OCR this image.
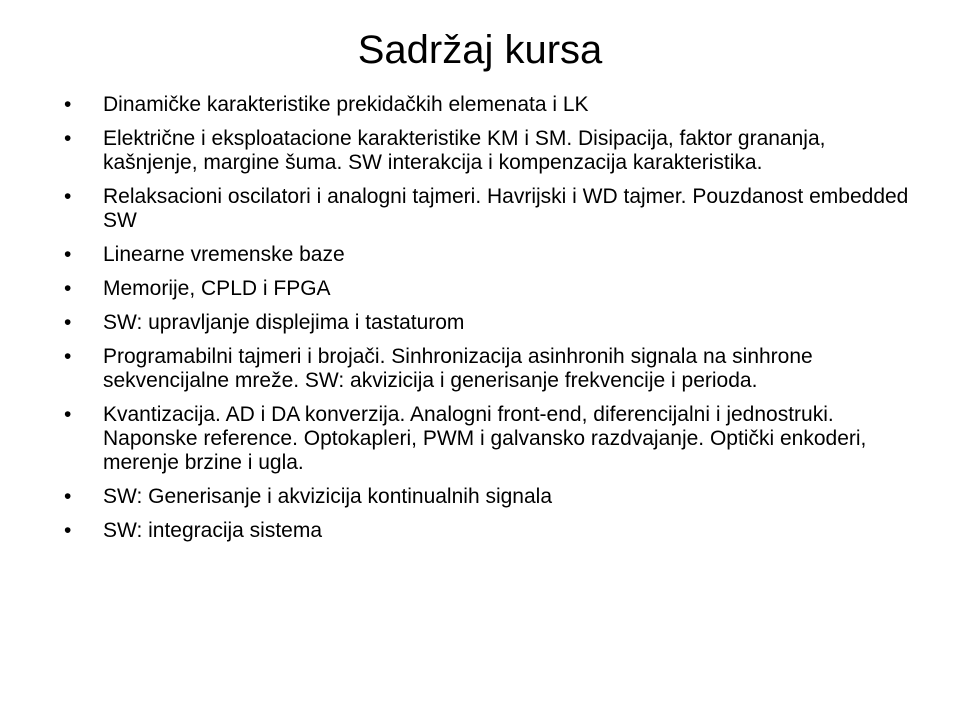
Sadržaj kursa
•	Dinamičke karakteristike prekidačkih elemenata i LK
•	Električne i eksploatacione karakteristike KM i SM. Disipacija, faktor grananja, kašnjenje, margine šuma. SW interakcija i kompenzacija karakteristika.
•	Relaksacioni oscilatori i analogni tajmeri. Havrijski i WD tajmer. Pouzdanost embedded SW
•	Linearne vremenske baze
•	Memorije, CPLD i FPGA
•	SW: upravljanje displejima i tastaturom
•	Programabilni tajmeri i brojači. Sinhronizacija asinhronih signala na sinhrone sekvencijalne mreže. SW: akvizicija i generisanje frekvencije i perioda.
•	Kvantizacija. AD i DA konverzija. Analogni front-end, diferencijalni i jednostruki. Naponske reference. Optokapleri, PWM i galvansko razdvajanje. Optički enkoderi, merenje brzine i ugla.
•	SW: Generisanje i akvizicija kontinualnih signala
•	SW: integracija sistema
